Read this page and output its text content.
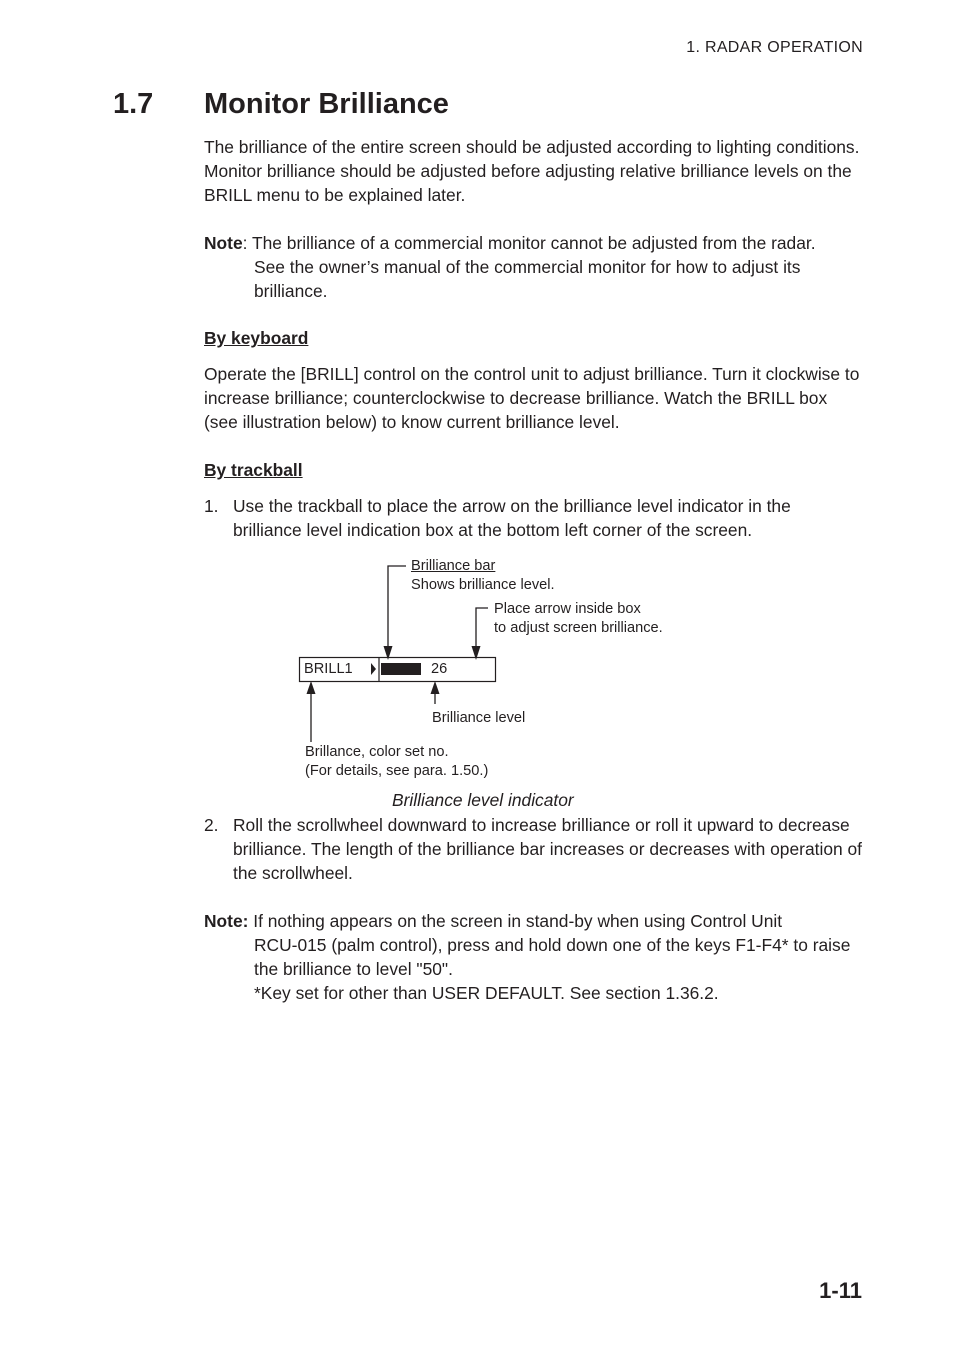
1. RADAR OPERATION
1.7 Monitor Brilliance

The brilliance of the entire screen should be adjusted according to lighting conditions. Monitor brilliance should be adjusted before adjusting relative brilliance levels on the BRILL menu to be explained later.

Note: The brilliance of a commercial monitor cannot be adjusted from the radar.

See the owner’s manual of the commercial monitor for how to adjust its brilliance.

By keyboard

Operate the [BRILL] control on the control unit to adjust brilliance. Turn it clockwise to increase brilliance; counterclockwise to decrease brilliance. Watch the BRILL box (see illustration below) to know current brilliance level.

By trackball
1. Use the trackball to place the arrow on the brilliance level indicator in the brilliance level indication box at the bottom left corner of the screen.
BRILL1	26
Brilliance bar
Shows brilliance level.
Place arrow inside box
to adjust screen brilliance.
Brilliance level
Brillance, color set no.
(For details, see para. 1.50.)
Brilliance level indicator
2. Roll the scrollwheel downward to increase brilliance or roll it upward to decrease brilliance. The length of the brilliance bar increases or decreases with operation of the scrollwheel.

Note: If nothing appears on the screen in stand-by when using Control Unit

RCU-015 (palm control), press and hold down one of the keys F1-F4* to raise the brilliance to level "50".

*Key set for other than USER DEFAULT. See section 1.36.2.

1-11
